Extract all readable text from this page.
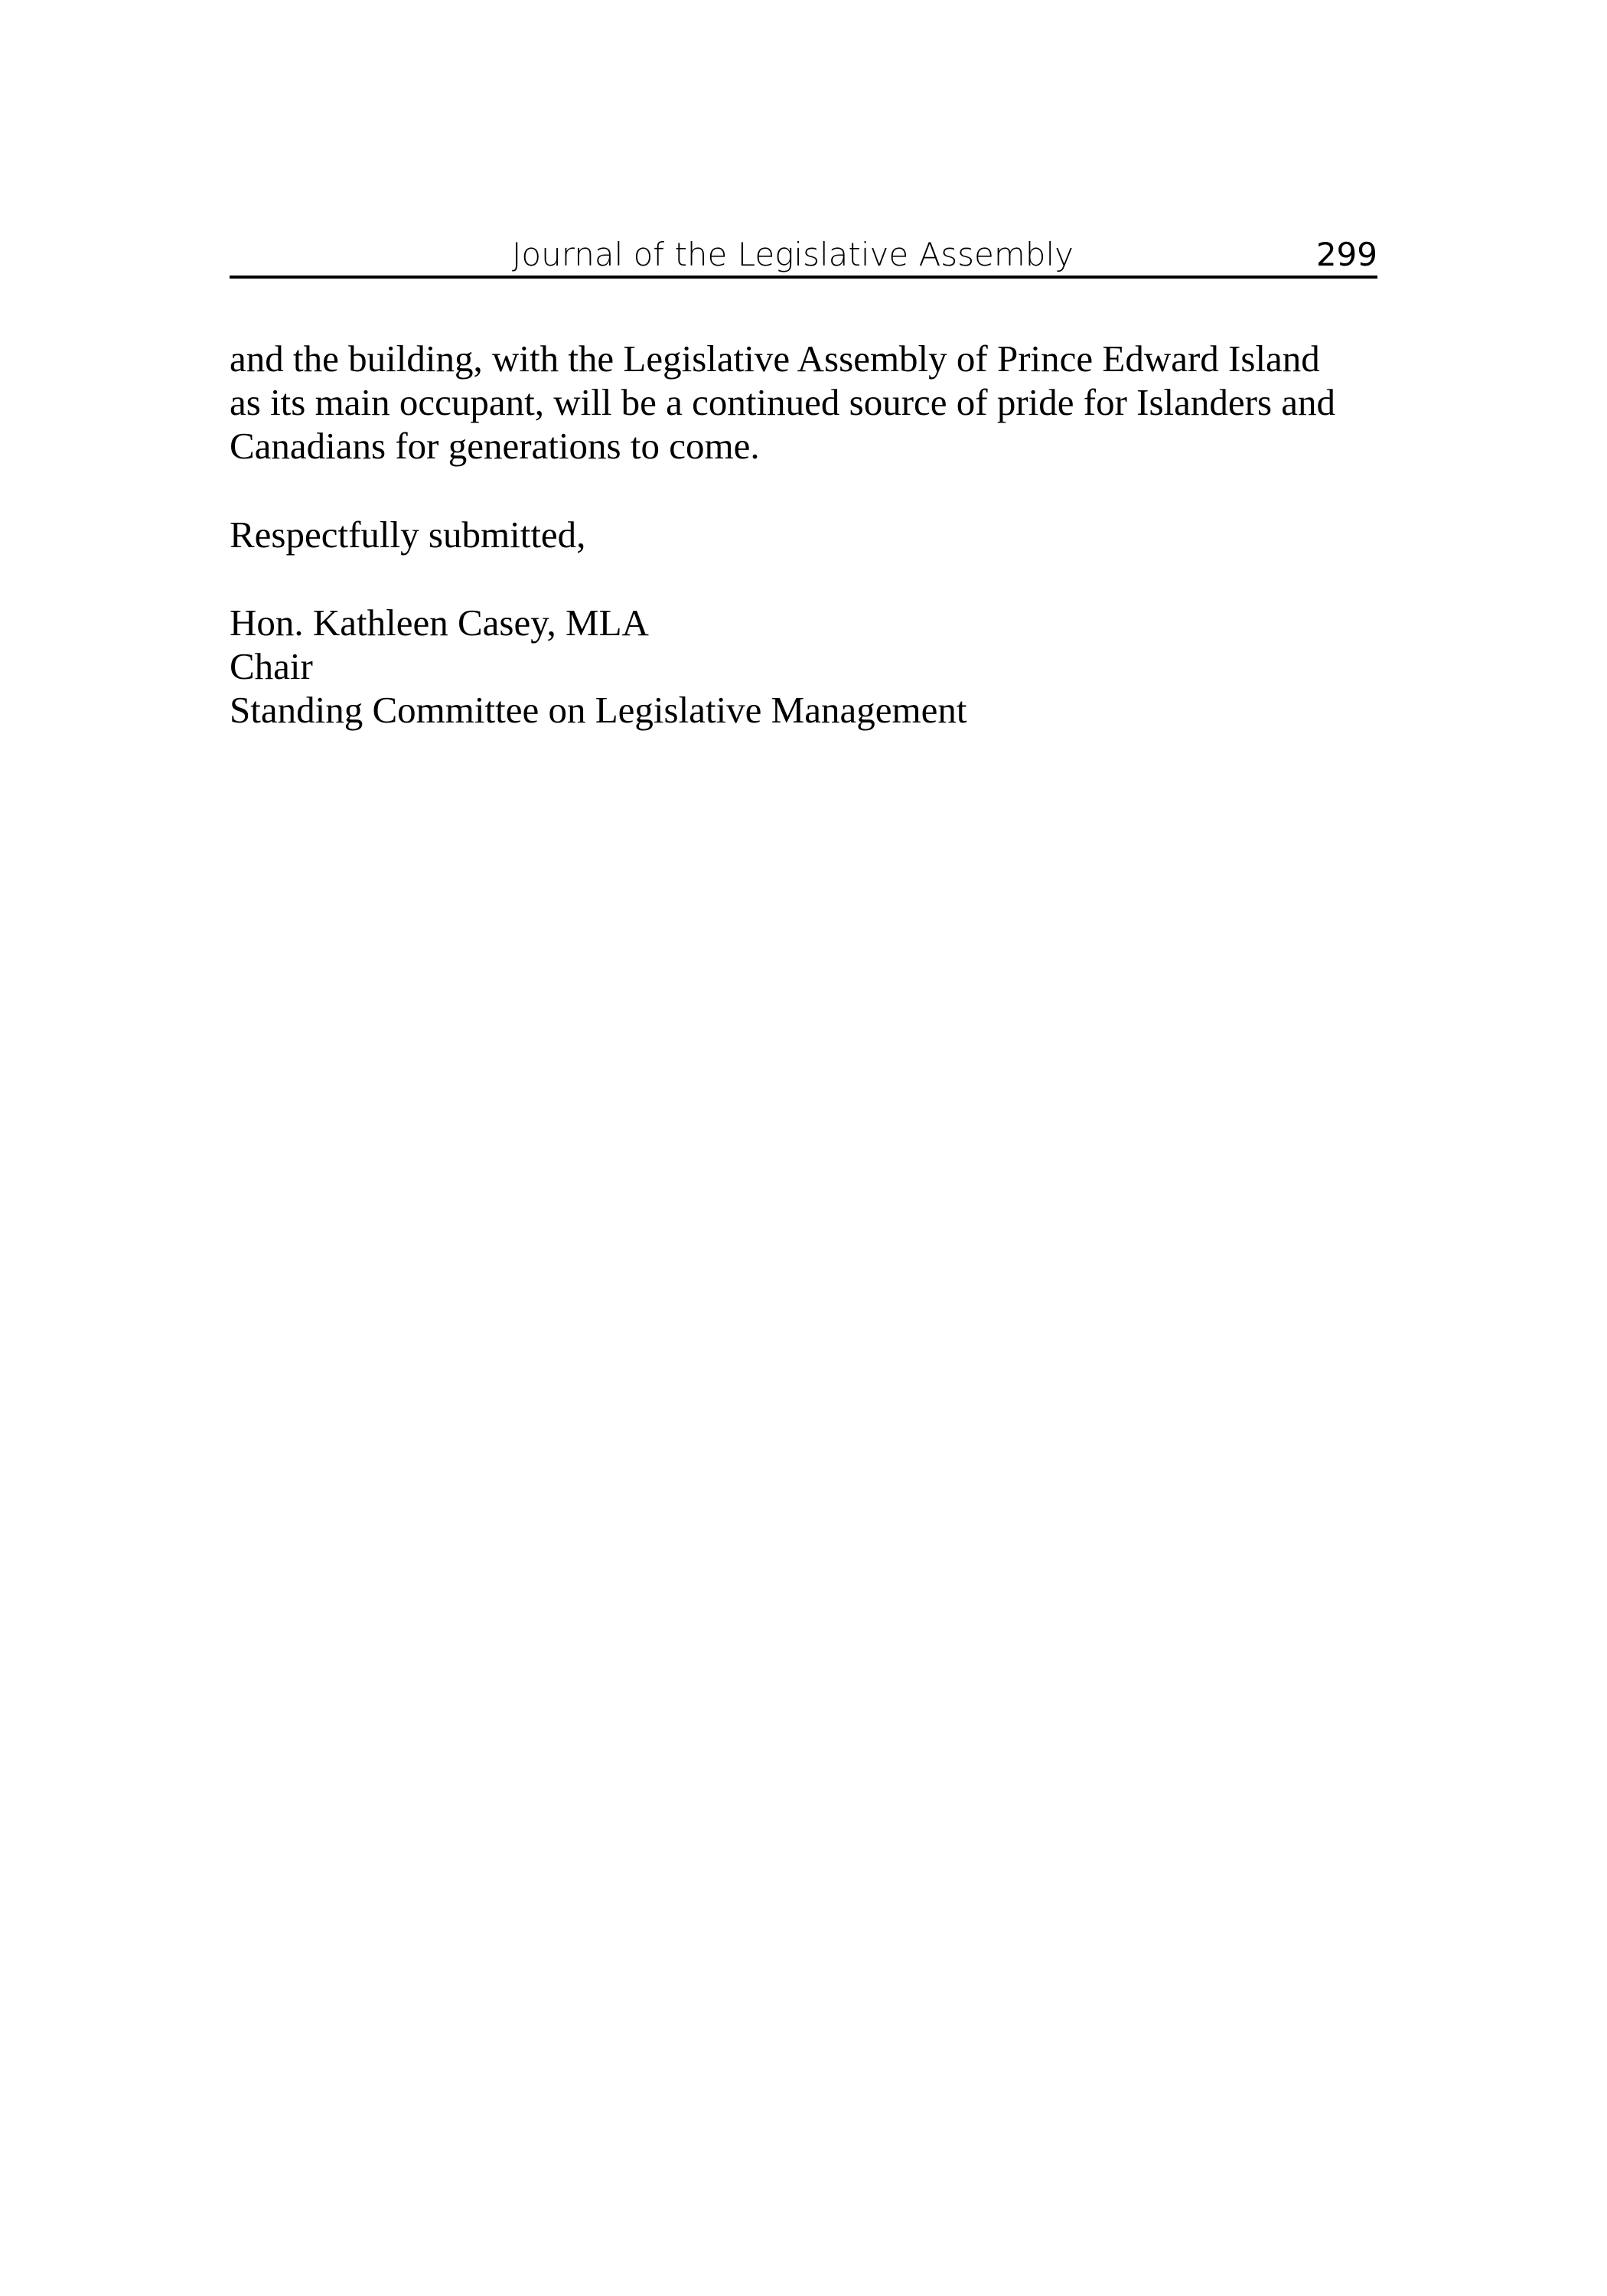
Journal of the Legislative Assembly	299
and the building, with the Legislative Assembly of Prince Edward Island
as its main occupant, will be a continued source of pride for Islanders and
Canadians for generations to come.
Respectfully submitted,
Hon. Kathleen Casey, MLA
Chair
Standing Committee on Legislative Management
